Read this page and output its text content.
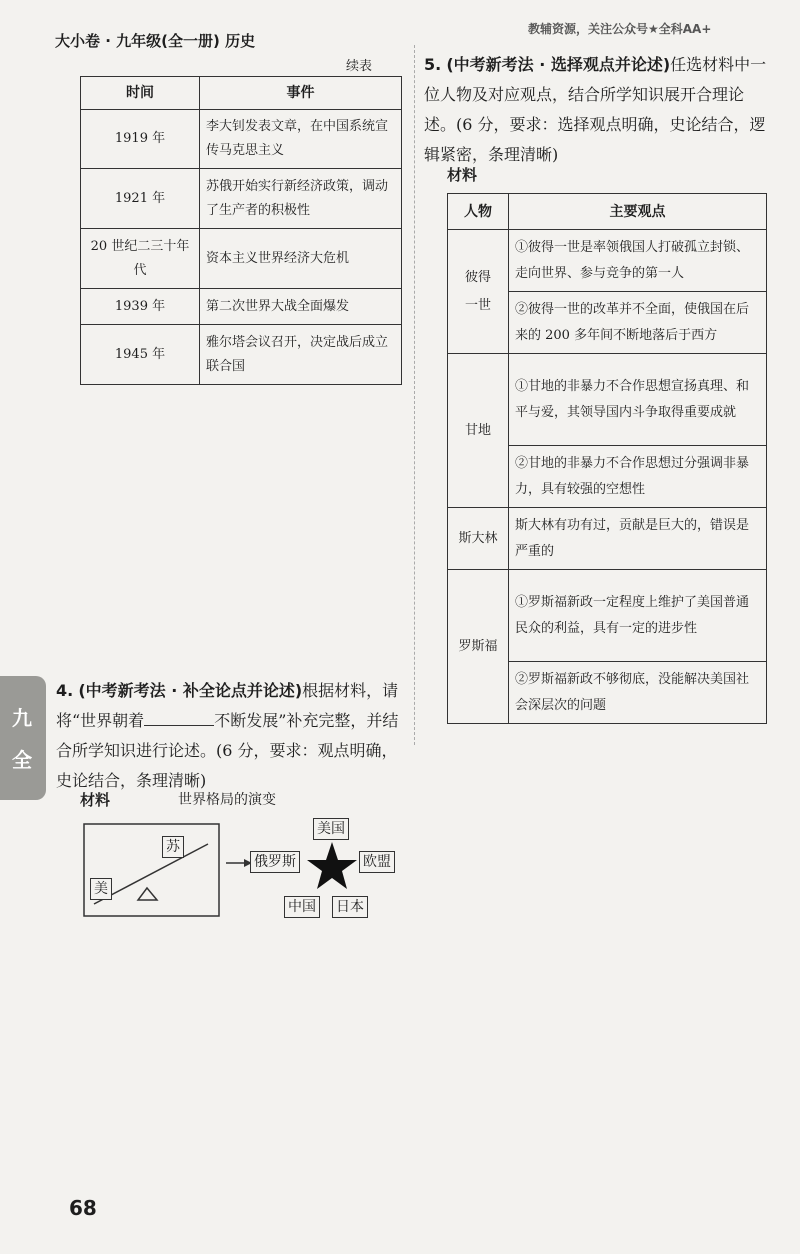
大小卷 · 九年级(全一册) 历史
教辅资源，关注公众号★全科AA+
续表
时间	事件
1919 年	李大钊发表文章，在中国系统宣传马克思主义
1921 年	苏俄开始实行新经济政策，调动了生产者的积极性
20 世纪二三十年代	资本主义世界经济大危机
1939 年	第二次世界大战全面爆发
1945 年	雅尔塔会议召开，决定战后成立联合国
5. (中考新考法 · 选择观点并论述)任选材料中一位人物及对应观点，结合所学知识展开合理论述。(6 分，要求：选择观点明确，史论结合，逻辑紧密，条理清晰)
材料
人物	主要观点

彼得一世	①彼得一世是率领俄国人打破孤立封锁、走向世界、参与竞争的第一人
	②彼得一世的改革并不全面，使俄国在后来的 200 多年间不断地落后于西方
甘地	①甘地的非暴力不合作思想宣扬真理、和平与爱，其领导国内斗争取得重要成就
	②甘地的非暴力不合作思想过分强调非暴力，具有较强的空想性
斯大林	斯大林有功有过，贡献是巨大的，错误是严重的
罗斯福	①罗斯福新政一定程度上维护了美国普通民众的利益，具有一定的进步性
	②罗斯福新政不够彻底，没能解决美国社会深层次的问题
九
全
4. (中考新考法 · 补全论点并论述)根据材料，请将“世界朝着	不断发展”补充完整，并结合所学知识进行论述。(6 分，要求：观点明确，史论结合，条理清晰)
材料	世界格局的演变
苏
美
美国
俄罗斯	欧盟
中国 日本
68
